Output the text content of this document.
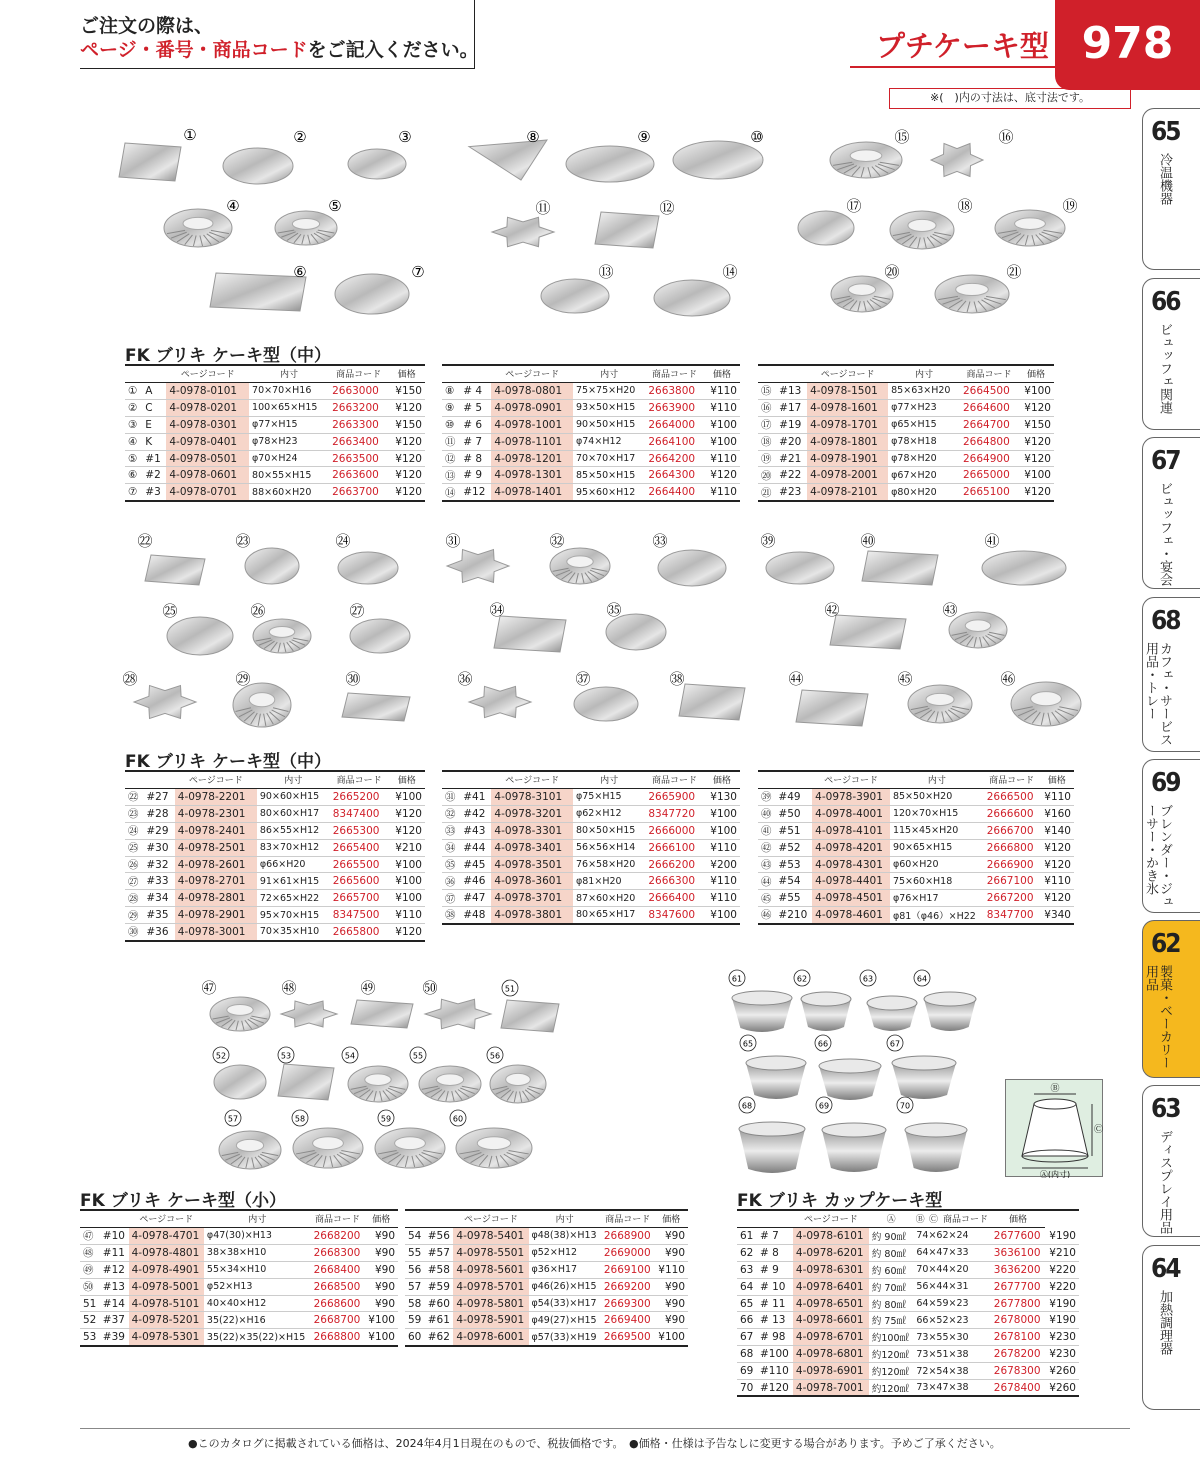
ご注文の際は、
ページ・番号・商品コードをご記入ください。	プチケーキ型 978
※(　)内の寸法は、底寸法です。
65
冷温機器
66
ビュッフェ関連
67
ビュッフェ・宴会
68
カフェ・サービス用品・トレー
69
ブレンダー・ジューサー・かき氷
62
製菓・ベーカリー用品
63
ディスプレイ用品
64
加熱調理器
①	②	③
④	⑤
⑥	⑦
⑧	⑨	⑩
⑪	⑫
⑬	⑭
⑮	⑯
⑰	⑱	⑲
⑳	㉑
㉒	㉓	㉔
㉕	㉖	㉗
㉘	㉙	㉚
㉛	㉜	㉝
㉞	㉟
㊱	㊲	㊳
㊴	㊵	㊶
㊷	㊸
㊹	㊺	㊻
㊼	㊽	㊾	㊿	51
52	53	54	55	56
57	58	59	60
61	62	63	64
65	66	67
68	69	70
FK ブリキ ケーキ型（中）
FK ブリキ ケーキ型（中）
FK ブリキ ケーキ型（小）	FK ブリキ カップケーキ型
		ページコード	内寸	商品コード	価格
①	A	4-0978-0101	70×70×H16	2663000	¥150
②	C	4-0978-0201	100×65×H15	2663200	¥120
③	E	4-0978-0301	φ77×H15	2663300	¥150
④	K	4-0978-0401	φ78×H23	2663400	¥120
⑤	#1	4-0978-0501	φ70×H24	2663500	¥120
⑥	#2	4-0978-0601	80×55×H15	2663600	¥120
⑦	#3	4-0978-0701	88×60×H20	2663700	¥120
		ページコード	内寸	商品コード	価格
⑧	# 4	4-0978-0801	75×75×H20	2663800	¥110
⑨	# 5	4-0978-0901	93×50×H15	2663900	¥110
⑩	# 6	4-0978-1001	90×50×H15	2664000	¥100
⑪	# 7	4-0978-1101	φ74×H12	2664100	¥100
⑫	# 8	4-0978-1201	70×70×H17	2664200	¥110
⑬	# 9	4-0978-1301	85×50×H15	2664300	¥120
⑭	#12	4-0978-1401	95×60×H12	2664400	¥110
		ページコード	内寸	商品コード	価格
⑮	#13	4-0978-1501	85×63×H20	2664500	¥100
⑯	#17	4-0978-1601	φ77×H23	2664600	¥120
⑰	#19	4-0978-1701	φ65×H15	2664700	¥150
⑱	#20	4-0978-1801	φ78×H18	2664800	¥120
⑲	#21	4-0978-1901	φ78×H20	2664900	¥120
⑳	#22	4-0978-2001	φ67×H20	2665000	¥100
㉑	#23	4-0978-2101	φ80×H20	2665100	¥120
		ページコード	内寸	商品コード	価格
㉒	#27	4-0978-2201	90×60×H15	2665200	¥100
㉓	#28	4-0978-2301	80×60×H17	8347400	¥120
㉔	#29	4-0978-2401	86×55×H12	2665300	¥120
㉕	#30	4-0978-2501	83×70×H12	2665400	¥210
㉖	#32	4-0978-2601	φ66×H20	2665500	¥100
㉗	#33	4-0978-2701	91×61×H15	2665600	¥100
㉘	#34	4-0978-2801	72×65×H22	2665700	¥100
㉙	#35	4-0978-2901	95×70×H15	8347500	¥110
㉚	#36	4-0978-3001	70×35×H10	2665800	¥120
		ページコード	内寸	商品コード	価格
㉛	#41	4-0978-3101	φ75×H15	2665900	¥130
㉜	#42	4-0978-3201	φ62×H12	8347720	¥100
㉝	#43	4-0978-3301	80×50×H15	2666000	¥100
㉞	#44	4-0978-3401	56×56×H14	2666100	¥110
㉟	#45	4-0978-3501	76×58×H20	2666200	¥200
㊱	#46	4-0978-3601	φ81×H20	2666300	¥110
㊲	#47	4-0978-3701	87×60×H20	2666400	¥110
㊳	#48	4-0978-3801	80×65×H17	8347600	¥100
		ページコード	内寸	商品コード	価格
㊴	#49	4-0978-3901	85×50×H20	2666500	¥110
㊵	#50	4-0978-4001	120×70×H15	2666600	¥160
㊶	#51	4-0978-4101	115×45×H20	2666700	¥140
㊷	#52	4-0978-4201	90×65×H15	2666800	¥120
㊸	#53	4-0978-4301	φ60×H20	2666900	¥120
㊹	#54	4-0978-4401	75×60×H18	2667100	¥110
㊺	#55	4-0978-4501	φ76×H17	2667200	¥120
㊻	#210	4-0978-4601	φ81（φ46）×H22	8347700	¥340
		ページコード	内寸	商品コード	価格
㊼	#10	4-0978-4701	φ47(30)×H13	2668200	¥90
㊽	#11	4-0978-4801	38×38×H10	2668300	¥90
㊾	#12	4-0978-4901	55×34×H10	2668400	¥90
㊿	#13	4-0978-5001	φ52×H13	2668500	¥90
51	#14	4-0978-5101	40×40×H12	2668600	¥90
52	#37	4-0978-5201	35(22)×H16	2668700	¥100
53	#39	4-0978-5301	35(22)×35(22)×H15	2668800	¥100
		ページコード	内寸	商品コード	価格
54	#56	4-0978-5401	φ48(38)×H13	2668900	¥90
55	#57	4-0978-5501	φ52×H12	2669000	¥90
56	#58	4-0978-5601	φ36×H17	2669100	¥110
57	#59	4-0978-5701	φ46(26)×H15	2669200	¥90
58	#60	4-0978-5801	φ54(33)×H17	2669300	¥90
59	#61	4-0978-5901	φ49(27)×H15	2669400	¥90
60	#62	4-0978-6001	φ57(33)×H19	2669500	¥100
		ページコード	Ⓐ	Ⓑ	Ⓒ	商品コード	価格	
61	# 7	4-0978-6101	約 90㎖	74×62×24			2677600	¥190
62	# 8	4-0978-6201	約 80㎖	64×47×33			3636100	¥210
63	# 9	4-0978-6301	約 60㎖	70×44×20			3636200	¥220
64	# 10	4-0978-6401	約 70㎖	56×44×31			2677700	¥220
65	# 11	4-0978-6501	約 80㎖	64×59×23			2677800	¥190
66	# 13	4-0978-6601	約 75㎖	66×52×23			2678000	¥190
67	# 98	4-0978-6701	約100㎖	73×55×30			2678100	¥230
68	#100	4-0978-6801	約120㎖	73×51×38			2678200	¥230
69	#110	4-0978-6901	約120㎖	72×54×38			2678300	¥260
70	#120	4-0978-7001	約120㎖	73×47×38			2678400	¥260
Ⓑ
Ⓒ
Ⓐ(内寸)
●このカタログに掲載されている価格は、2024年4月1日現在のもので、税抜価格です。　●価格・仕様は予告なしに変更する場合があります。予めご了承ください。
